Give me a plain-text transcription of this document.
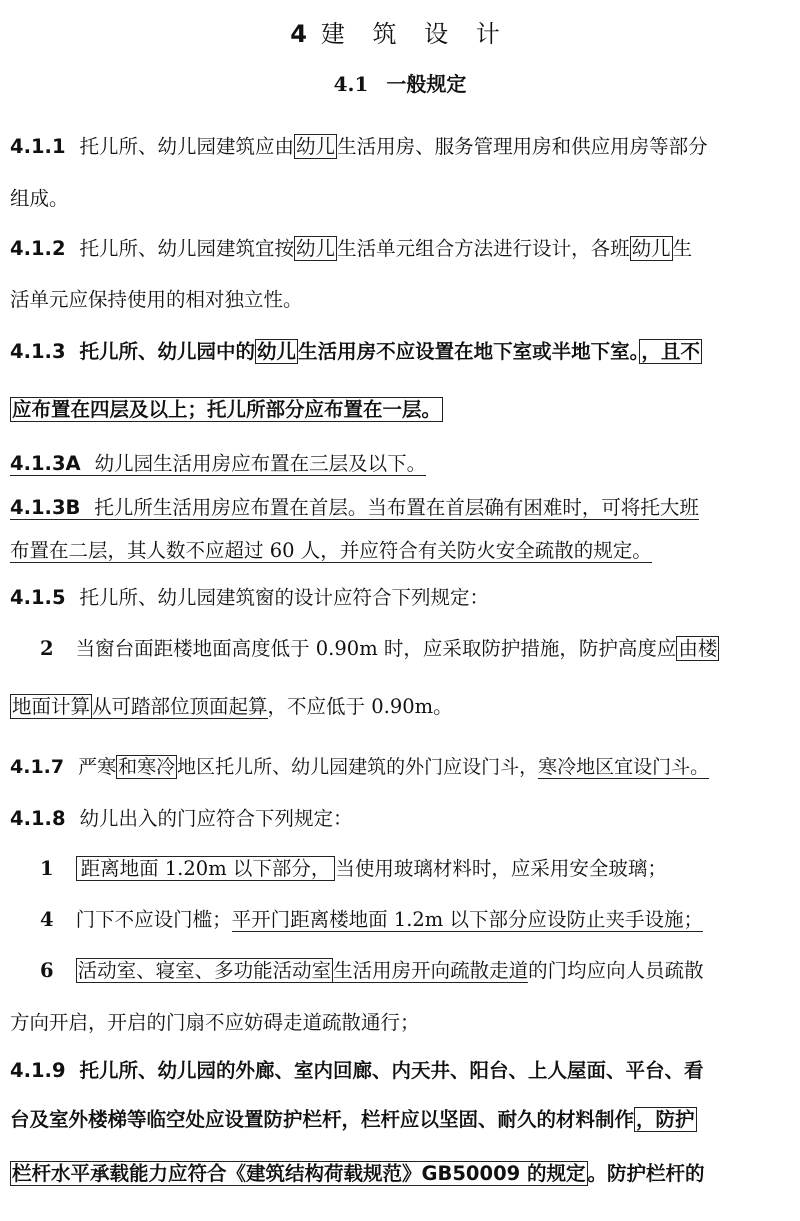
4建 筑 设 计
4.1 一般规定
4.1.1 托儿所、幼儿园建筑应由 幼儿 生活用房、服务管理用房和供应用房等部分
组成。
4.1.2 托儿所、幼儿园建筑宜按 幼儿 生活单元组合方法进行设计，各班 幼儿 生
活单元应保持使用的相对独立性。
4.1.3 托儿所、幼儿园中的 幼儿 生活用房不应设置在地下室或半地下室。 ，且不
应布置在四层及以上；托儿所部分应布置在一层。
4.1.3A 幼儿园生活用房应布置在三层及以下。
4.1.3B 托儿所生活用房应布置在首层。当布置在首层确有困难时，可将托大班
布置在二层，其人数不应超过 60 人，并应符合有关防火安全疏散的规定。
4.1.5 托儿所、幼儿园建筑窗的设计应符合下列规定：
2 当窗台面距楼地面高度低于 0.90m 时，应采取防护措施，防护高度应 由楼
地面计算 从可踏部位顶面起算，不应低于 0.90m。
4.1.7 严寒 和寒冷 地区托儿所、幼儿园建筑的外门应设门斗，寒冷地区宜设门斗。
4.1.8 幼儿出入的门应符合下列规定：
1 距离地面 1.20m 以下部分， 当使用玻璃材料时，应采用安全玻璃；
4 门下不应设门槛；平开门距离楼地面 1.2m 以下部分应设防止夹手设施；
6 活动室、寝室、多功能活动室 生活用房开向疏散走道的门均应向人员疏散
方向开启，开启的门扇不应妨碍走道疏散通行；
4.1.9 托儿所、幼儿园的外廊、室内回廊、内天井、阳台、上人屋面、平台、看
台及室外楼梯等临空处应设置防护栏杆，栏杆应以坚固、耐久的材料制作 ，防护
栏杆水平承载能力应符合《建筑结构荷载规范》GB50009 的规定 。防护栏杆的
